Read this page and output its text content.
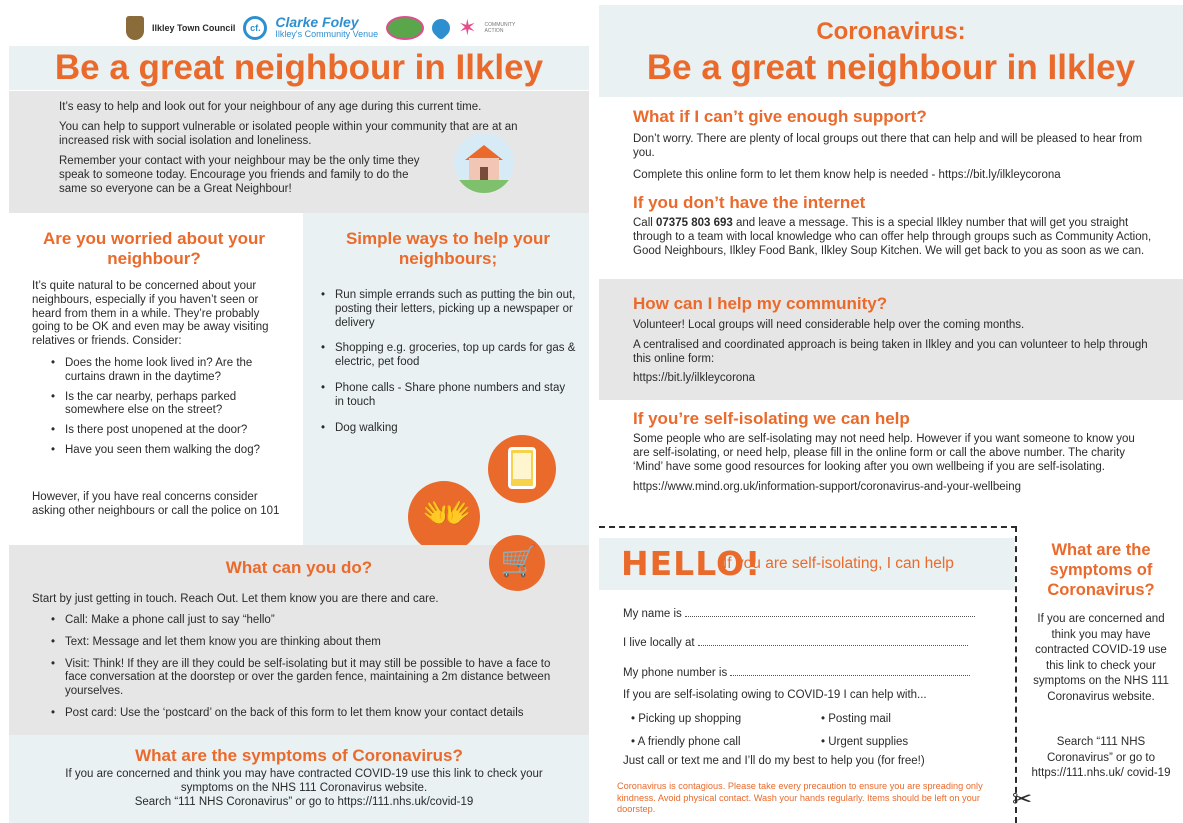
Ilkley Town Council	cf.	Clarke Foley
Ilkley's Community Venue	✶ COMMUNITY ACTION
Be a great neighbour in Ilkley

It’s easy to help and look out for your neighbour of any age during this current time.

You can help to support vulnerable or isolated people within your community that are at an increased risk with social isolation and loneliness.

Remember your contact with your neighbour may be the only time they speak to someone today. Encourage you friends and family to do the same so everyone can be a Great Neighbour!

Are you worried about your neighbour?
It’s quite natural to be concerned about your neighbours, especially if you haven’t seen or heard from them in a while. They’re probably going to be OK and even may be away visiting relatives or friends. Consider:
• Does the home look lived in? Are the curtains drawn in the daytime?
• Is the car nearby, perhaps parked somewhere else on the street?
• Is there post unopened at the door?
• Have you seen them walking the dog?
However, if you have real concerns consider asking other neighbours or call the police on 101
Simple ways to help your neighbours;
• Run simple errands such as putting the bin out, posting their letters, picking up a newspaper or delivery
• Shopping e.g. groceries, top up cards for gas & electric, pet food
• Phone calls - Share phone numbers and stay in touch
• Dog walking
👐
🛒
What can you do?
Start by just getting in touch. Reach Out. Let them know you are there and care.
• Call: Make a phone call just to say “hello”
• Text: Message and let them know you are thinking about them
• Visit: Think! If they are ill they could be self-isolating but it may still be possible to have a face to face conversation at the doorstep or over the garden fence, maintaining a 2m distance between yourselves.
• Post card: Use the ‘postcard’ on the back of this form to let them know your contact details
What are the symptoms of Coronavirus?
If you are concerned and think you may have contracted COVID-19 use this link to check your symptoms on the NHS 111 Coronavirus website.
Search “111 NHS Coronavirus” or go to https://111.nhs.uk/covid-19
Coronavirus:
Be a great neighbour in Ilkley
What if I can’t give enough support?
Don’t worry. There are plenty of local groups out there that can help and will be pleased to hear from you.
Complete this online form to let them know help is needed - https://bit.ly/ilkleycorona
If you don’t have the internet
Call 07375 803 693 and leave a message. This is a special Ilkley number that will get you straight through to a team with local knowledge who can offer help through groups such as Community Action, Good Neighbours, Ilkley Food Bank, Ilkley Soup Kitchen. We will get back to you as soon as we can.
How can I help my community?
Volunteer! Local groups will need considerable help over the coming months.
A centralised and coordinated approach is being taken in Ilkley and you can volunteer to help through this online form:
https://bit.ly/ilkleycorona
If you’re self-isolating we can help
Some people who are self-isolating may not need help. However if you want someone to know you are self-isolating, or need help, please fill in the online form or call the above number. The charity ‘Mind’ have some good resources for looking after you own wellbeing if you are self-isolating.
https://www.mind.org.uk/information-support/coronavirus-and-your-wellbeing
HELLO!
If you are self-isolating, I can help
My name is
I live locally at
My phone number is
If you are self-isolating owing to COVID-19 I can help with...
• Picking up shopping	• Posting mail
• A friendly phone call	• Urgent supplies
Just call or text me and I’ll do my best to help you (for free!)
Coronavirus is contagious. Please take every precaution to ensure you are spreading only kindness. Avoid physical contact. Wash your hands regularly. Items should be left on your doorstep.
What are the symptoms of Coronavirus?
If you are concerned and think you may have contracted COVID-19 use this link to check your symptoms on the NHS 111 Coronavirus website.
Search “111 NHS Coronavirus” or go to https://111.nhs.uk/ covid-19
✂
